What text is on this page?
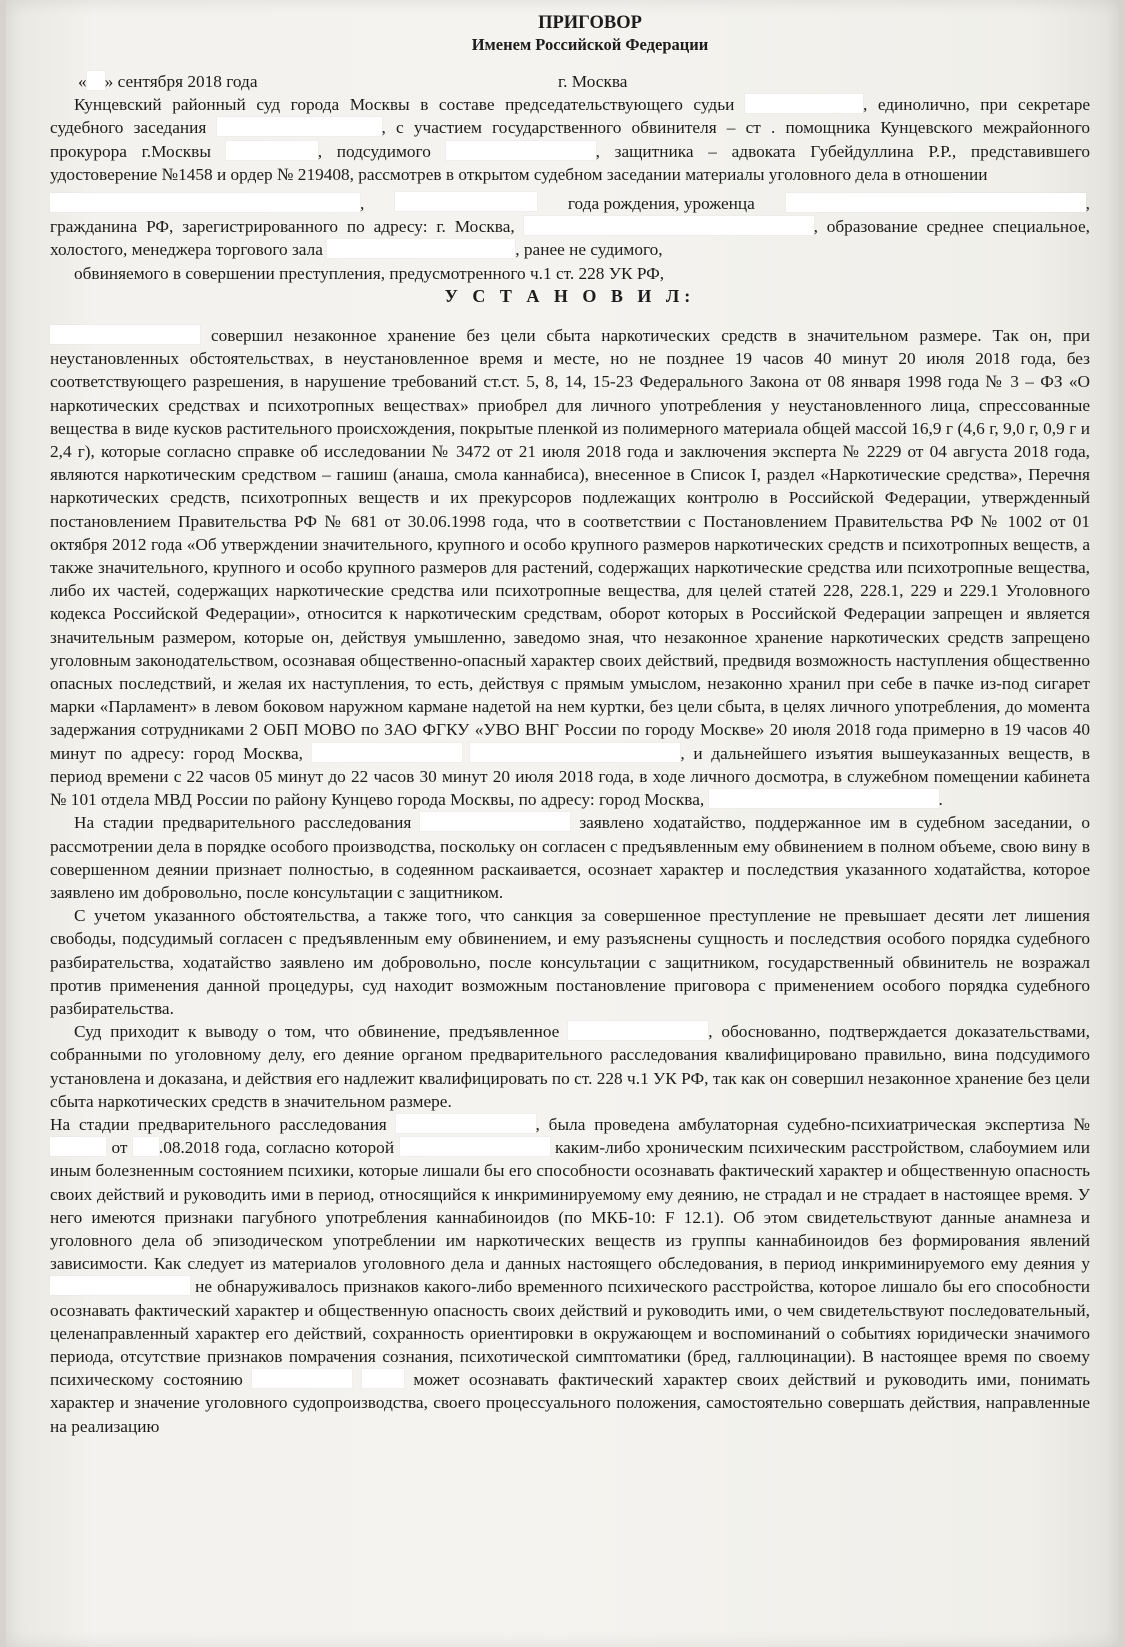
ПРИГОВОР
Именем Российской Федерации
« » сентября 2018 года	г. Москва

Кунцевский районный суд города Москвы в составе председательствующего судьи	, единолично, при секретаре судебного заседания	, с участием государственного обвинителя – ст . помощника Кунцевского межрайонного прокурора г.Москвы	, подсудимого	, защитника – адвоката Губейдуллина Р.Р., представившего удостоверение №1458 и ордер № 219408, рассмотрев в открытом судебном заседании материалы уголовного дела в отношении

,	года рождения, уроженца	,

гражданина РФ, зарегистрированного по адресу: г. Москва,	, образование среднее специальное, холостого, менеджера торгового зала	, ранее не судимого,

обвиняемого в совершении преступления, предусмотренного ч.1 ст. 228 УК РФ,

У С Т А Н О В И Л:

совершил незаконное хранение без цели сбыта наркотических средств в значительном размере. Так он, при неустановленных обстоятельствах, в неустановленное время и месте, но не позднее 19 часов 40 минут 20 июля 2018 года, без соответствующего разрешения, в нарушение требований ст.ст. 5, 8, 14, 15-23 Федерального Закона от 08 января 1998 года № 3 – ФЗ «О наркотических средствах и психотропных веществах» приобрел для личного употребления у неустановленного лица, спрессованные вещества в виде кусков растительного происхождения, покрытые пленкой из полимерного материала общей массой 16,9 г (4,6 г, 9,0 г, 0,9 г и 2,4 г), которые согласно справке об исследовании № 3472 от 21 июля 2018 года и заключения эксперта № 2229 от 04 августа 2018 года, являются наркотическим средством – гашиш (анаша, смола каннабиса), внесенное в Список I, раздел «Наркотические средства», Перечня наркотических средств, психотропных веществ и их прекурсоров подлежащих контролю в Российской Федерации, утвержденный постановлением Правительства РФ № 681 от 30.06.1998 года, что в соответствии с Постановлением Правительства РФ № 1002 от 01 октября 2012 года «Об утверждении значительного, крупного и особо крупного размеров наркотических средств и психотропных веществ, а также значительного, крупного и особо крупного размеров для растений, содержащих наркотические средства или психотропные вещества, либо их частей, содержащих наркотические средства или психотропные вещества, для целей статей 228, 228.1, 229 и 229.1 Уголовного кодекса Российской Федерации», относится к наркотическим средствам, оборот которых в Российской Федерации запрещен и является значительным размером, которые он, действуя умышленно, заведомо зная, что незаконное хранение наркотических средств запрещено уголовным законодательством, осознавая общественно-опасный характер своих действий, предвидя возможность наступления общественно опасных последствий, и желая их наступления, то есть, действуя с прямым умыслом, незаконно хранил при себе в пачке из-под сигарет марки «Парламент» в левом боковом наружном кармане надетой на нем куртки, без цели сбыта, в целях личного употребления, до момента задержания сотрудниками 2 ОБП МОВО по ЗАО ФГКУ «УВО ВНГ России по городу Москве» 20 июля 2018 года примерно в 19 часов 40 минут по адресу: город Москва,	, и дальнейшего изъятия вышеуказанных веществ, в период времени с 22 часов 05 минут до 22 часов 30 минут 20 июля 2018 года, в ходе личного досмотра, в служебном помещении кабинета № 101 отдела МВД России по району Кунцево города Москвы, по адресу: город Москва,	.

На стадии предварительного расследования	заявлено ходатайство, поддержанное им в судебном заседании, о рассмотрении дела в порядке особого производства, поскольку он согласен с предъявленным ему обвинением в полном объеме, свою вину в совершенном деянии признает полностью, в содеянном раскаивается, осознает характер и последствия указанного ходатайства, которое заявлено им добровольно, после консультации с защитником.

С учетом указанного обстоятельства, а также того, что санкция за совершенное преступление не превышает десяти лет лишения свободы, подсудимый согласен с предъявленным ему обвинением, и ему разъяснены сущность и последствия особого порядка судебного разбирательства, ходатайство заявлено им добровольно, после консультации с защитником, государственный обвинитель не возражал против применения данной процедуры, суд находит возможным постановление приговора с применением особого порядка судебного разбирательства.

Суд приходит к выводу о том, что обвинение, предъявленное	, обоснованно, подтверждается доказательствами, собранными по уголовному делу, его деяние органом предварительного расследования квалифицировано правильно, вина подсудимого установлена и доказана, и действия его надлежит квалифицировать по ст. 228 ч.1 УК РФ, так как он совершил незаконное хранение без цели сбыта наркотических средств в значительном размере.

На стадии предварительного расследования	, была проведена амбулаторная судебно-психиатрическая экспертиза №  от .08.2018 года, согласно которой	каким-либо хроническим психическим расстройством, слабоумием или иным болезненным состоянием психики, которые лишали бы его способности осознавать фактический характер и общественную опасность своих действий и руководить ими в период, относящийся к инкриминируемому ему деянию, не страдал и не страдает в настоящее время. У него имеются признаки пагубного употребления каннабиноидов (по МКБ-10: F 12.1). Об этом свидетельствуют данные анамнеза и уголовного дела об эпизодическом употреблении им наркотических веществ из группы каннабиноидов без формирования явлений зависимости. Как следует из материалов уголовного дела и данных настоящего обследования, в период инкриминируемого ему деяния у  не обнаруживалось признаков какого-либо временного психического расстройства, которое лишало бы его способности осознавать фактический характер и общественную опасность своих действий и руководить ими, о чем свидетельствуют последовательный, целенаправленный характер его действий, сохранность ориентировки в окружающем и воспоминаний о событиях юридически значимого периода, отсутствие признаков помрачения сознания, психотической симптоматики (бред, галлюцинации). В настоящее время по своему психическому состоянию	может осознавать фактический характер своих действий и руководить ими, понимать характер и значение уголовного судопроизводства, своего процессуального положения, самостоятельно совершать действия, направленные на реализацию
